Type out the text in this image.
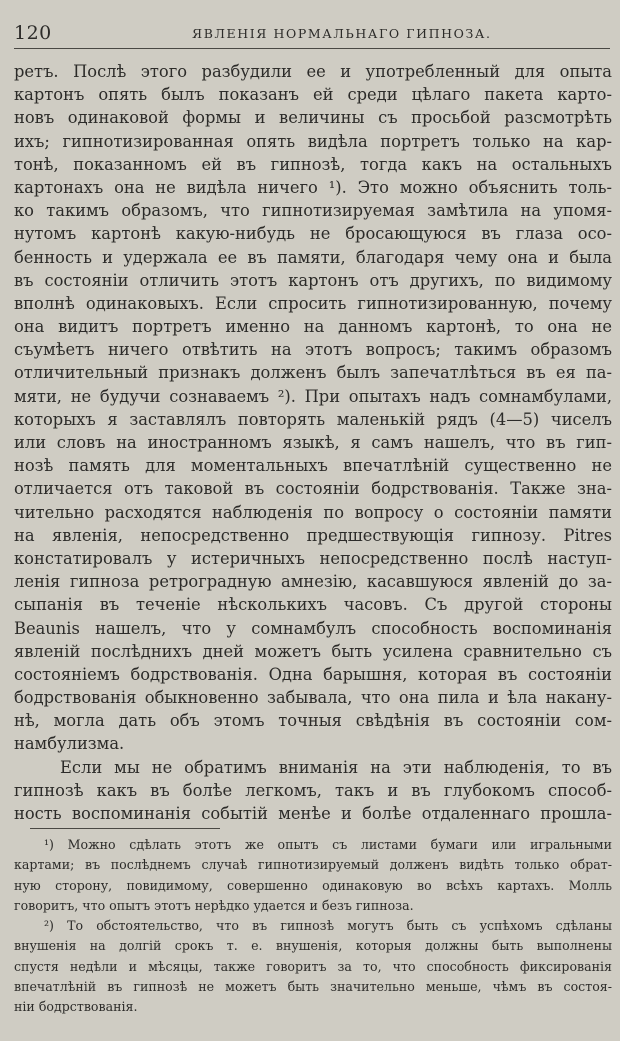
120	ЯВЛЕНІЯ НОРМАЛЬНАГО ГИПНОЗА.
ретъ. Послѣ этого разбудили ее и употребленный для опыта
картонъ опять былъ показанъ ей среди цѣлаго пакета карто-
новъ одинаковой формы и величины съ просьбой разсмотрѣть
ихъ; гипнотизированная опять видѣла портретъ только на кар-
тонѣ, показанномъ ей въ гипнозѣ, тогда какъ на остальныхъ
картонахъ она не видѣла ничего ¹). Это можно объяснить толь-
ко такимъ образомъ, что гипнотизируемая замѣтила на упомя-
нутомъ картонѣ какую-нибудь не бросающуюся въ глаза осо-
бенность и удержала ее въ памяти, благодаря чему она и была
въ состояніи отличить этотъ картонъ отъ другихъ, по видимому
вполнѣ одинаковыхъ. Если спросить гипнотизированную, почему
она видитъ портретъ именно на данномъ картонѣ, то она не
съумѣетъ ничего отвѣтить на этотъ вопросъ; такимъ образомъ
отличительный признакъ долженъ былъ запечатлѣться въ ея па-
мяти, не будучи сознаваемъ ²). При опытахъ надъ сомнамбулами,
которыхъ я заставлялъ повторять маленькій рядъ (4—5) чиселъ
или словъ на иностранномъ языкѣ, я самъ нашелъ, что въ гип-
нозѣ память для моментальныхъ впечатлѣній существенно не
отличается отъ таковой въ состояніи бодрствованія. Также зна-
чительно расходятся наблюденія по вопросу о состояніи памяти
на явленія, непосредственно предшествующія гипнозу. Pitres
констатировалъ у истеричныхъ непосредственно послѣ наступ-
ленія гипноза ретроградную амнезію, касавшуюся явленій до за-
сыпанія въ теченіе нѣсколькихъ часовъ. Съ другой стороны
Beaunis нашелъ, что у сомнамбулъ способность воспоминанія
явленій послѣднихъ дней можетъ быть усилена сравнительно съ
состояніемъ бодрствованія. Одна барышня, которая въ состояніи
бодрствованія обыкновенно забывала, что она пила и ѣла накану-
нѣ, могла дать объ этомъ точныя свѣдѣнія въ состояніи сом-
намбулизма.
Если мы не обратимъ вниманія на эти наблюденія, то въ
гипнозѣ какъ въ болѣе легкомъ, такъ и въ глубокомъ способ-
ность воспоминанія событій менѣе и болѣе отдаленнаго прошла-
¹) Можно сдѣлать этотъ же опытъ съ листами бумаги или игральными
картами; въ послѣднемъ случаѣ гипнотизируемый долженъ видѣть только обрат-
ную сторону, повидимому, совершенно одинаковую во всѣхъ картахъ. Молль
говоритъ, что опытъ этотъ нерѣдко удается и безъ гипноза.
²) То обстоятельство, что въ гипнозѣ могутъ быть съ успѣхомъ сдѣланы
внушенія на долгій срокъ т. е. внушенія, которыя должны быть выполнены
спустя недѣли и мѣсяцы, также говоритъ за то, что способность фиксированія
впечатлѣній въ гипнозѣ не можетъ быть значительно меньше, чѣмъ въ состоя-
ніи бодрствованія.
